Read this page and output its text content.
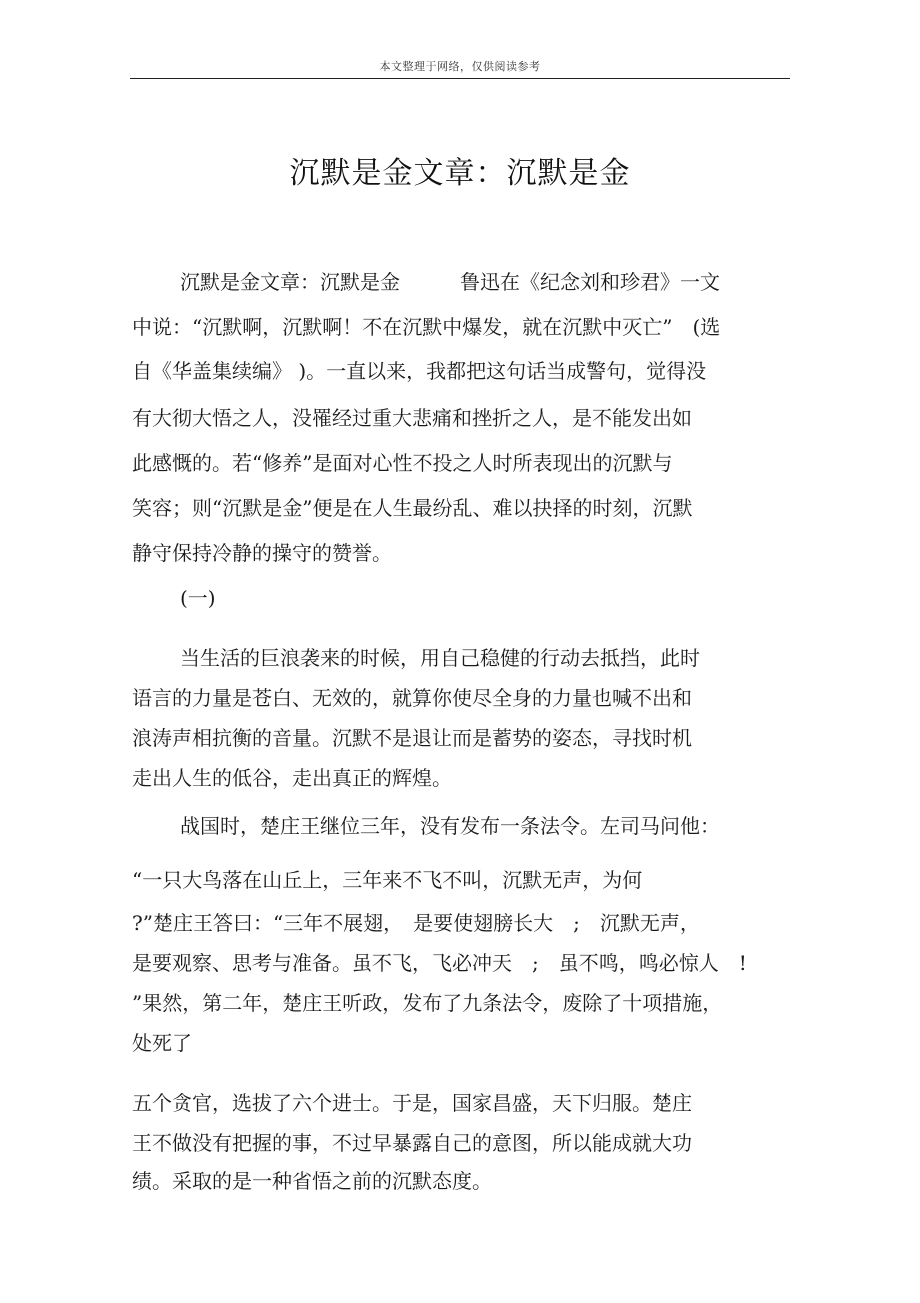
本文整理于网络，仅供阅读参考
沉默是金文章：沉默是金
沉默是金文章：沉默是金　　　鲁迅在《纪念刘和珍君》一文
中说：“沉默啊，沉默啊！不在沉默中爆发，就在沉默中灭亡”　(选
自《华盖集续编》 )。一直以来，我都把这句话当成警句，觉得没
有大彻大悟之人，没罹经过重大悲痛和挫折之人，是不能发出如
此感慨的。若“修养”是面对心性不投之人时所表现出的沉默与
笑容；则“沉默是金”便是在人生最纷乱、难以抉择的时刻，沉默
静守保持冷静的操守的赞誉。
(一)
当生活的巨浪袭来的时候，用自己稳健的行动去抵挡，此时
语言的力量是苍白、无效的，就算你使尽全身的力量也喊不出和
浪涛声相抗衡的音量。沉默不是退让而是蓄势的姿态，寻找时机
走出人生的低谷，走出真正的辉煌。
战国时，楚庄王继位三年，没有发布一条法令。左司马问他：
“一只大鸟落在山丘上，三年来不飞不叫，沉默无声，为何
?”楚庄王答曰：“三年不展翅，　是要使翅膀长大　;　沉默无声，
是要观察、思考与准备。虽不飞，飞必冲天　;　虽不鸣，鸣必惊人　!
”果然，第二年，楚庄王听政，发布了九条法令，废除了十项措施，
处死了
五个贪官，选拔了六个进士。于是，国家昌盛，天下归服。楚庄
王不做没有把握的事，不过早暴露自己的意图，所以能成就大功
绩。采取的是一种省悟之前的沉默态度。
